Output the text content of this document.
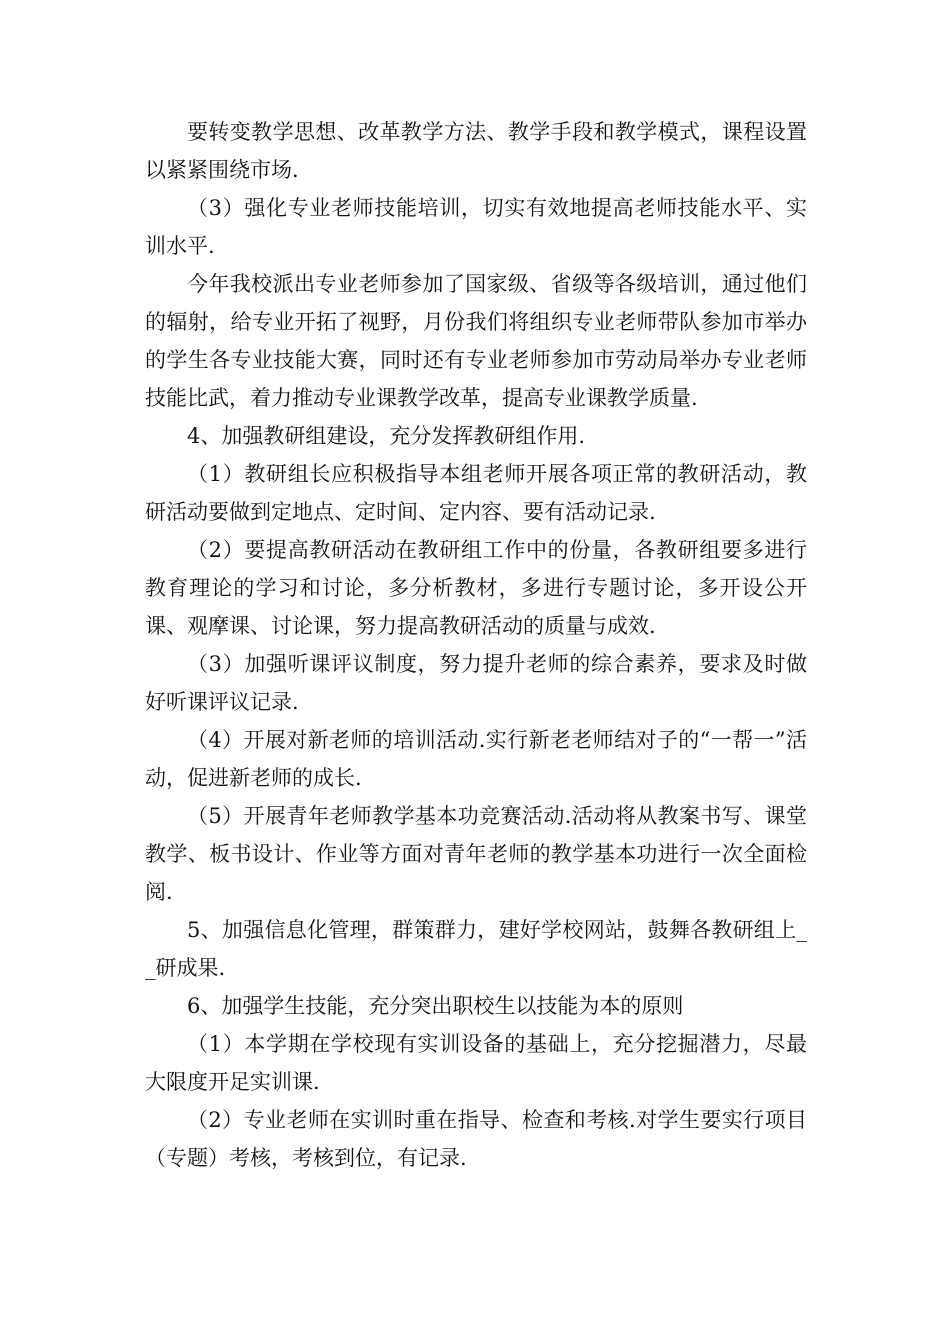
要转变教学思想、改革教学方法、教学手段和教学模式，课程设置以紧紧围绕市场.

（3）强化专业老师技能培训，切实有效地提高老师技能水平、实训水平.

今年我校派出专业老师参加了国家级、省级等各级培训，通过他们的辐射，给专业开拓了视野，月份我们将组织专业老师带队参加市举办的学生各专业技能大赛，同时还有专业老师参加市劳动局举办专业老师技能比武，着力推动专业课教学改革，提高专业课教学质量.

4、加强教研组建设，充分发挥教研组作用.

（1）教研组长应积极指导本组老师开展各项正常的教研活动，教研活动要做到定地点、定时间、定内容、要有活动记录.

（2）要提高教研活动在教研组工作中的份量，各教研组要多进行教育理论的学习和讨论，多分析教材，多进行专题讨论，多开设公开课、观摩课、讨论课，努力提高教研活动的质量与成效.

（3）加强听课评议制度，努力提升老师的综合素养，要求及时做好听课评议记录.

（4）开展对新老师的培训活动.实行新老老师结对子的“一帮一”活动，促进新老师的成长.

（5）开展青年老师教学基本功竞赛活动.活动将从教案书写、课堂教学、板书设计、作业等方面对青年老师的教学基本功进行一次全面检阅.

5、加强信息化管理，群策群力，建好学校网站，鼓舞各教研组上__研成果.

6、加强学生技能，充分突出职校生以技能为本的原则

（1）本学期在学校现有实训设备的基础上，充分挖掘潜力，尽最大限度开足实训课.

（2）专业老师在实训时重在指导、检查和考核.对学生要实行项目（专题）考核，考核到位，有记录.
